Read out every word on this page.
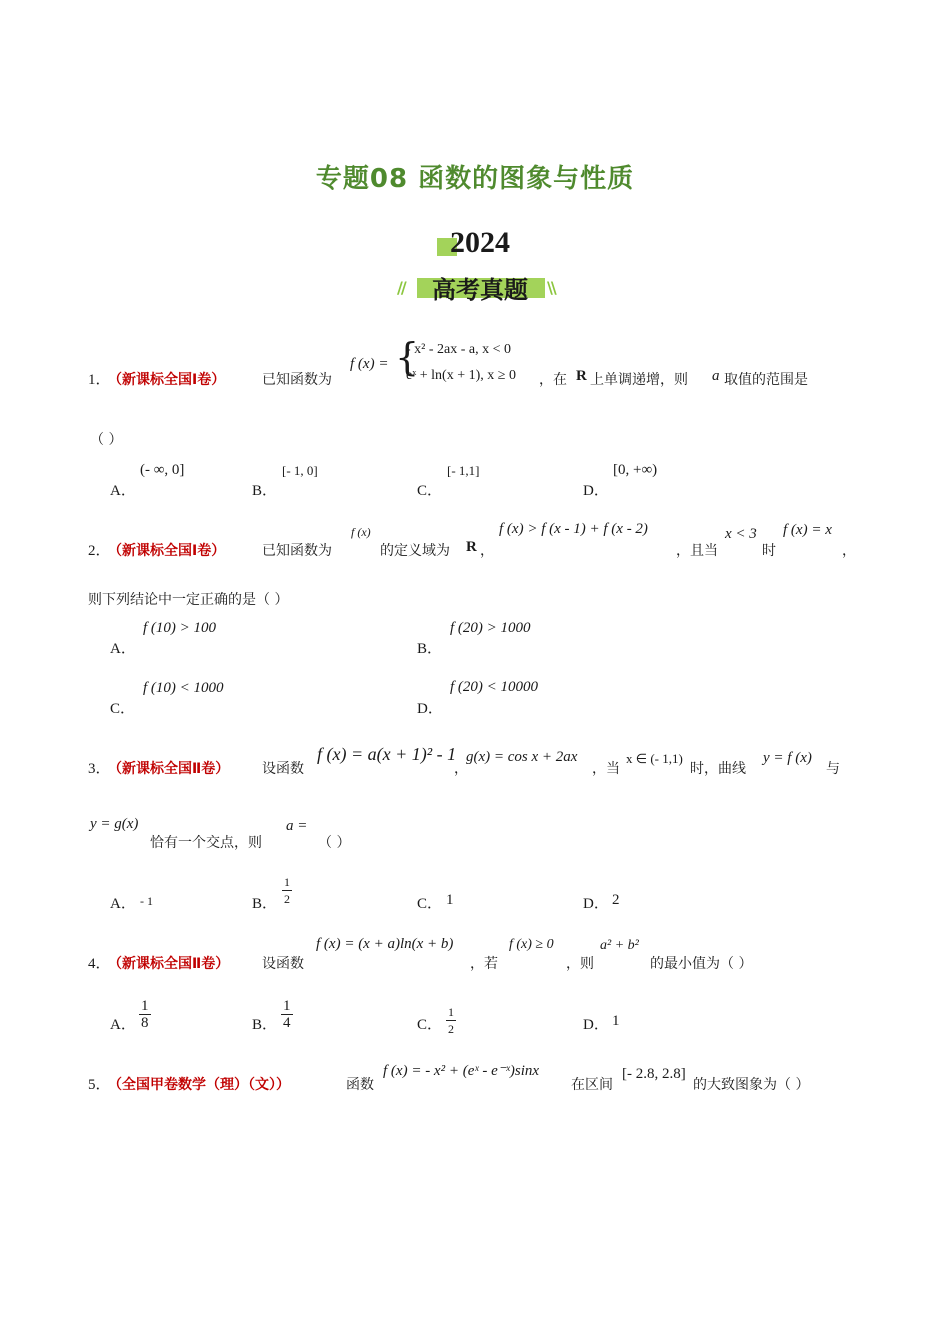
专题08 函数的图象与性质
2024
//	高考真题	\\
1．
（新课标全国Ⅰ卷）	已知函数为
f (x) = {
- x² - 2ax - a, x < 0
eˣ + ln(x + 1), x ≥ 0 ，在 R 上单调递增，则 a 取值的范围是
（ ）
A．
(- ∞, 0]
B．
[- 1, 0]
C．
[- 1,1]
D．
[0, +∞)
2．
（新课标全国Ⅰ卷）	已知函数为
f (x)
的定义域为 R ，
f (x) > f (x - 1) + f (x - 2)
，且当
x < 3
时
f (x) = x
，
则下列结论中一定正确的是（ ）
A．
f (10) > 100
B．
f (20) > 1000
C．
f (10) < 1000
D．
f (20) < 10000
3．
（新课标全国Ⅱ卷） 设函数
f (x) = a(x + 1)² - 1
，
g(x) = cos x + 2ax
，当
x ∈ (- 1,1)
时，曲线
y = f (x)
与
y = g(x)
恰有一个交点，则
a =
（ ）
A． - 1	B． $\frac{1}{2}$	C． 1	D． 2
4．
（新课标全国Ⅱ卷） 设函数
f (x) = (x + a)ln(x + b)
，若
f (x) ≥ 0
，则
a² + b²
的最小值为（ ）
A． $\frac{1}{8}$	B． $\frac{1}{4}$	C． $\frac{1}{2}$	D． 1
5．
（全国甲卷数学（理）（文））	函数
f (x) = - x² + (eˣ - e⁻ˣ)sinx
在区间
[- 2.8, 2.8]
的大致图象为（ ）
